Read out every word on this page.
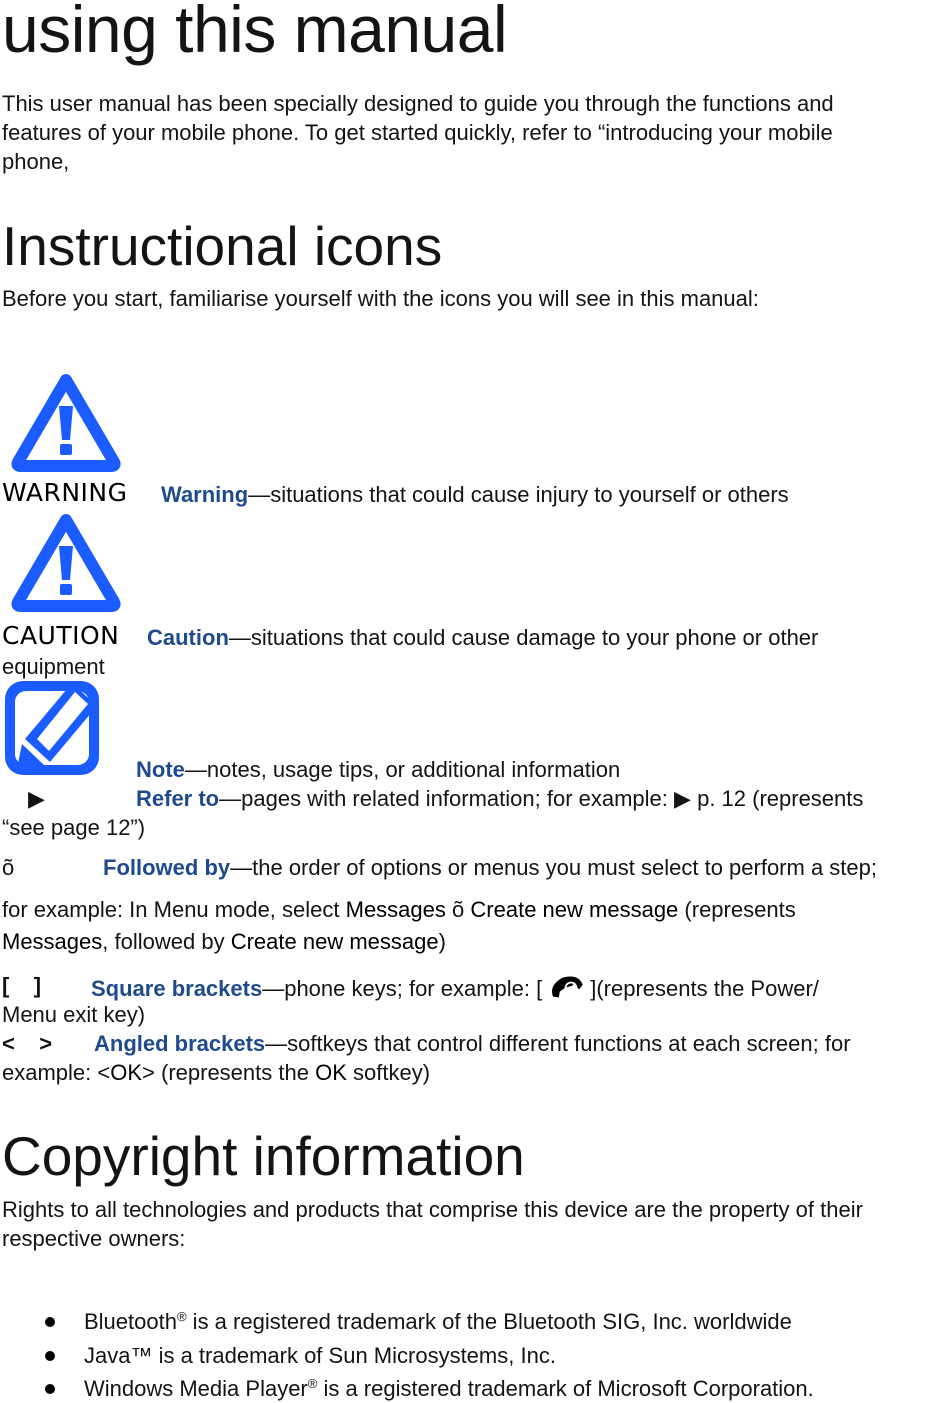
using this manual

This user manual has been specially designed to guide you through the functions and

features of your mobile phone. To get started quickly, refer to “introducing your mobile

phone,

Instructional icons

Before you start, familiarise yourself with the icons you will see in this manual:

WARNING Warning—situations that could cause injury to yourself or others

CAUTION Caution—situations that could cause damage to your phone or other

equipment

Note—notes, usage tips, or additional information

▶	Refer to—pages with related information; for example: ▶ p. 12 (represents

“see page 12”)

õ	Followed by—the order of options or menus you must select to perform a step;

for example: In Menu mode, select Messages õ Create new message (represents

Messages, followed by Create new message)

[    ] Square brackets—phone keys; for example: [ ](represents the Power/

Menu exit key)

<    > Angled brackets—softkeys that control different functions at each screen; for

example: <OK> (represents the OK softkey)

Copyright information

Rights to all technologies and products that comprise this device are the property of their

respective owners:

Bluetooth® is a registered trademark of the Bluetooth SIG, Inc. worldwide

Java™ is a trademark of Sun Microsystems, Inc.

Windows Media Player® is a registered trademark of Microsoft Corporation.
